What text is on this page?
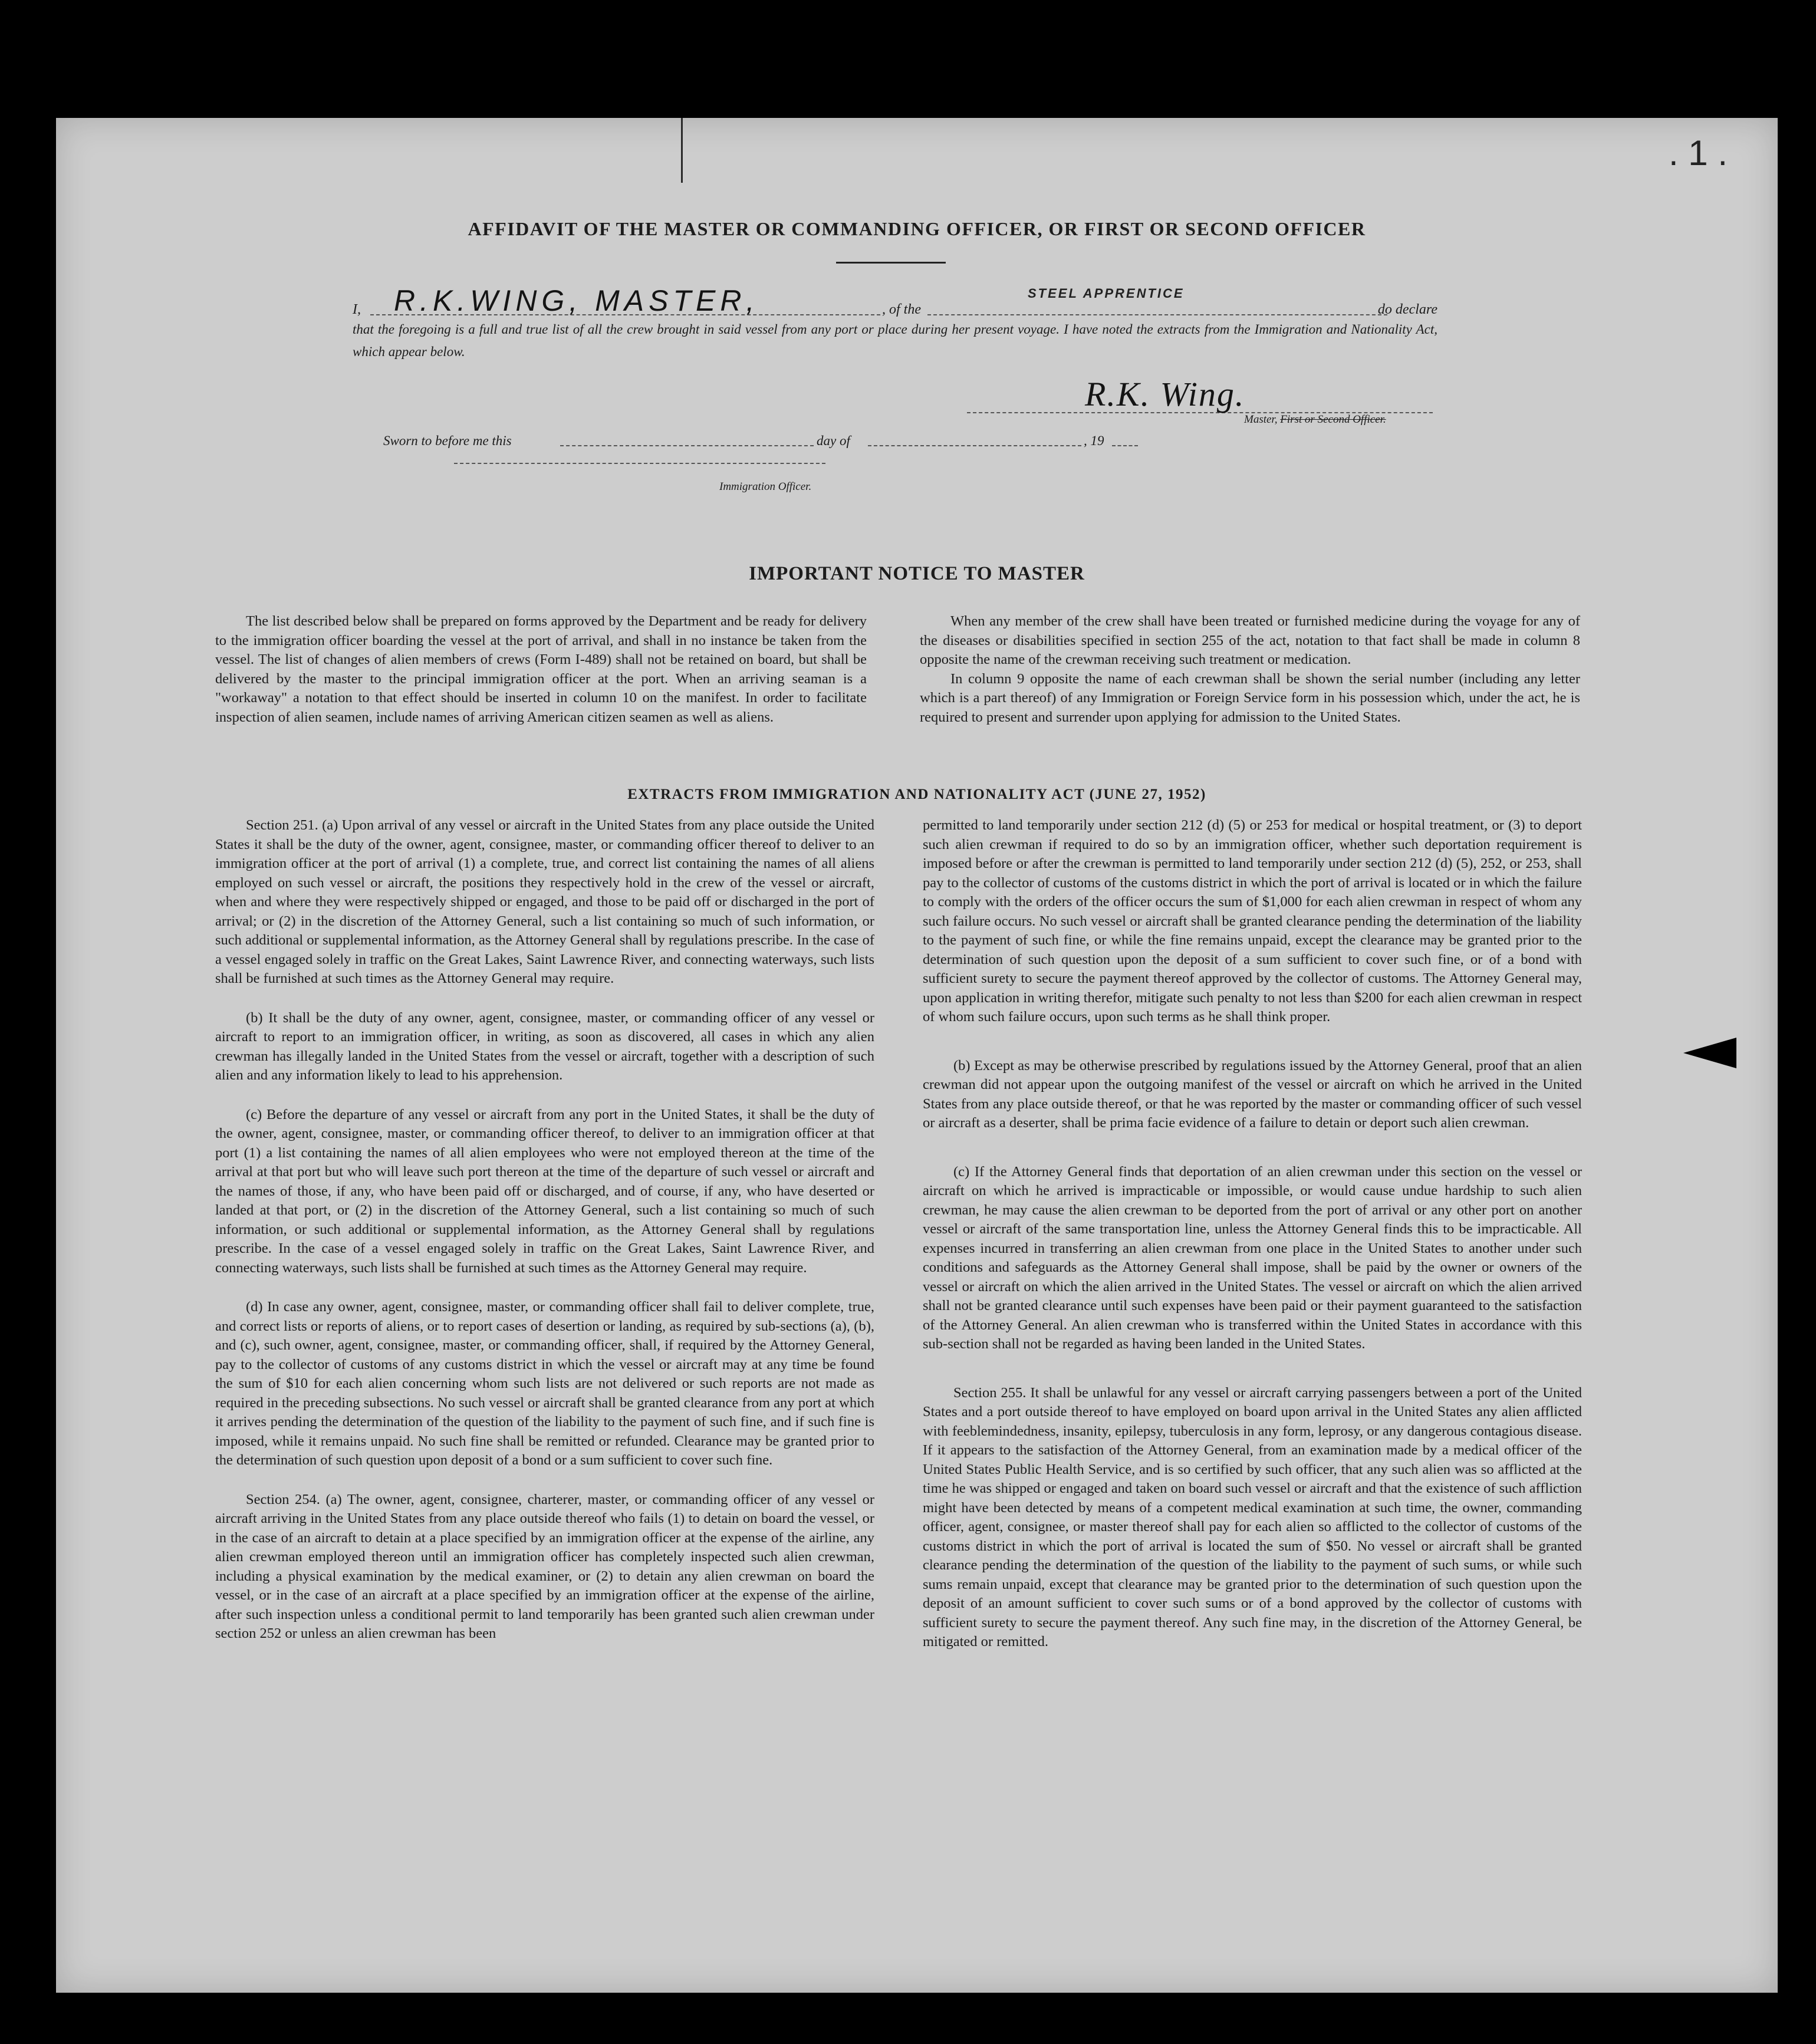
. 1 .
AFFIDAVIT OF THE MASTER OR COMMANDING OFFICER, OR FIRST OR SECOND OFFICER
I, R.K.WING, MASTER,	, of the
STEEL APPRENTICE
do declare
that the foregoing is a full and true list of all the crew brought in said vessel from any port or place during her present voyage. I have noted the extracts from the Immigration and Nationality Act, which appear below.
R.K. Wing.
Master, First or Second Officer.
Sworn to before me this	day of	, 19
Immigration Officer.
IMPORTANT NOTICE TO MASTER

The list described below shall be prepared on forms approved by the Department and be ready for delivery to the immigration officer boarding the vessel at the port of arrival, and shall in no instance be taken from the vessel. The list of changes of alien members of crews (Form I-489) shall not be retained on board, but shall be delivered by the master to the principal immigration officer at the port. When an arriving seaman is a "workaway" a notation to that effect should be inserted in column 10 on the manifest. In order to facilitate inspection of alien seamen, include names of arriving American citizen seamen as well as aliens.

When any member of the crew shall have been treated or furnished medicine during the voyage for any of the diseases or disabilities specified in section 255 of the act, notation to that fact shall be made in column 8 opposite the name of the crewman receiving such treatment or medication.

In column 9 opposite the name of each crewman shall be shown the serial number (including any letter which is a part thereof) of any Immigration or Foreign Service form in his possession which, under the act, he is required to present and surrender upon applying for admission to the United States.

EXTRACTS FROM IMMIGRATION AND NATIONALITY ACT (JUNE 27, 1952)

Section 251. (a) Upon arrival of any vessel or aircraft in the United States from any place outside the United States it shall be the duty of the owner, agent, consignee, master, or commanding officer thereof to deliver to an immigration officer at the port of arrival (1) a complete, true, and correct list containing the names of all aliens employed on such vessel or aircraft, the positions they respectively hold in the crew of the vessel or aircraft, when and where they were respectively shipped or engaged, and those to be paid off or discharged in the port of arrival; or (2) in the discretion of the Attorney General, such a list containing so much of such information, or such additional or supplemental information, as the Attorney General shall by regulations prescribe. In the case of a vessel engaged solely in traffic on the Great Lakes, Saint Lawrence River, and connecting waterways, such lists shall be furnished at such times as the Attorney General may require.

(b) It shall be the duty of any owner, agent, consignee, master, or commanding officer of any vessel or aircraft to report to an immigration officer, in writing, as soon as discovered, all cases in which any alien crewman has illegally landed in the United States from the vessel or aircraft, together with a description of such alien and any information likely to lead to his apprehension.

(c) Before the departure of any vessel or aircraft from any port in the United States, it shall be the duty of the owner, agent, consignee, master, or commanding officer thereof, to deliver to an immigration officer at that port (1) a list containing the names of all alien employees who were not employed thereon at the time of the arrival at that port but who will leave such port thereon at the time of the departure of such vessel or aircraft and the names of those, if any, who have been paid off or discharged, and of course, if any, who have deserted or landed at that port, or (2) in the discretion of the Attorney General, such a list containing so much of such information, or such additional or supplemental information, as the Attorney General shall by regulations prescribe. In the case of a vessel engaged solely in traffic on the Great Lakes, Saint Lawrence River, and connecting waterways, such lists shall be furnished at such times as the Attorney General may require.

(d) In case any owner, agent, consignee, master, or commanding officer shall fail to deliver complete, true, and correct lists or reports of aliens, or to report cases of desertion or landing, as required by sub-sections (a), (b), and (c), such owner, agent, consignee, master, or commanding officer, shall, if required by the Attorney General, pay to the collector of customs of any customs district in which the vessel or aircraft may at any time be found the sum of $10 for each alien concerning whom such lists are not delivered or such reports are not made as required in the preceding subsections. No such vessel or aircraft shall be granted clearance from any port at which it arrives pending the determination of the question of the liability to the payment of such fine, and if such fine is imposed, while it remains unpaid. No such fine shall be remitted or refunded. Clearance may be granted prior to the determination of such question upon deposit of a bond or a sum sufficient to cover such fine.

Section 254. (a) The owner, agent, consignee, charterer, master, or commanding officer of any vessel or aircraft arriving in the United States from any place outside thereof who fails (1) to detain on board the vessel, or in the case of an aircraft to detain at a place specified by an immigration officer at the expense of the airline, any alien crewman employed thereon until an immigration officer has completely inspected such alien crewman, including a physical examination by the medical examiner, or (2) to detain any alien crewman on board the vessel, or in the case of an aircraft at a place specified by an immigration officer at the expense of the airline, after such inspection unless a conditional permit to land temporarily has been granted such alien crewman under section 252 or unless an alien crewman has been

permitted to land temporarily under section 212 (d) (5) or 253 for medical or hospital treatment, or (3) to deport such alien crewman if required to do so by an immigration officer, whether such deportation requirement is imposed before or after the crewman is permitted to land temporarily under section 212 (d) (5), 252, or 253, shall pay to the collector of customs of the customs district in which the port of arrival is located or in which the failure to comply with the orders of the officer occurs the sum of $1,000 for each alien crewman in respect of whom any such failure occurs. No such vessel or aircraft shall be granted clearance pending the determination of the liability to the payment of such fine, or while the fine remains unpaid, except the clearance may be granted prior to the determination of such question upon the deposit of a sum sufficient to cover such fine, or of a bond with sufficient surety to secure the payment thereof approved by the collector of customs. The Attorney General may, upon application in writing therefor, mitigate such penalty to not less than $200 for each alien crewman in respect of whom such failure occurs, upon such terms as he shall think proper.

(b) Except as may be otherwise prescribed by regulations issued by the Attorney General, proof that an alien crewman did not appear upon the outgoing manifest of the vessel or aircraft on which he arrived in the United States from any place outside thereof, or that he was reported by the master or commanding officer of such vessel or aircraft as a deserter, shall be prima facie evidence of a failure to detain or deport such alien crewman.

(c) If the Attorney General finds that deportation of an alien crewman under this section on the vessel or aircraft on which he arrived is impracticable or impossible, or would cause undue hardship to such alien crewman, he may cause the alien crewman to be deported from the port of arrival or any other port on another vessel or aircraft of the same transportation line, unless the Attorney General finds this to be impracticable. All expenses incurred in transferring an alien crewman from one place in the United States to another under such conditions and safeguards as the Attorney General shall impose, shall be paid by the owner or owners of the vessel or aircraft on which the alien arrived in the United States. The vessel or aircraft on which the alien arrived shall not be granted clearance until such expenses have been paid or their payment guaranteed to the satisfaction of the Attorney General. An alien crewman who is transferred within the United States in accordance with this sub-section shall not be regarded as having been landed in the United States.

Section 255. It shall be unlawful for any vessel or aircraft carrying passengers between a port of the United States and a port outside thereof to have employed on board upon arrival in the United States any alien afflicted with feeblemindedness, insanity, epilepsy, tuberculosis in any form, leprosy, or any dangerous contagious disease. If it appears to the satisfaction of the Attorney General, from an examination made by a medical officer of the United States Public Health Service, and is so certified by such officer, that any such alien was so afflicted at the time he was shipped or engaged and taken on board such vessel or aircraft and that the existence of such affliction might have been detected by means of a competent medical examination at such time, the owner, commanding officer, agent, consignee, or master thereof shall pay for each alien so afflicted to the collector of customs of the customs district in which the port of arrival is located the sum of $50. No vessel or aircraft shall be granted clearance pending the determination of the question of the liability to the payment of such sums, or while such sums remain unpaid, except that clearance may be granted prior to the determination of such question upon the deposit of an amount sufficient to cover such sums or of a bond approved by the collector of customs with sufficient surety to secure the payment thereof. Any such fine may, in the discretion of the Attorney General, be mitigated or remitted.
